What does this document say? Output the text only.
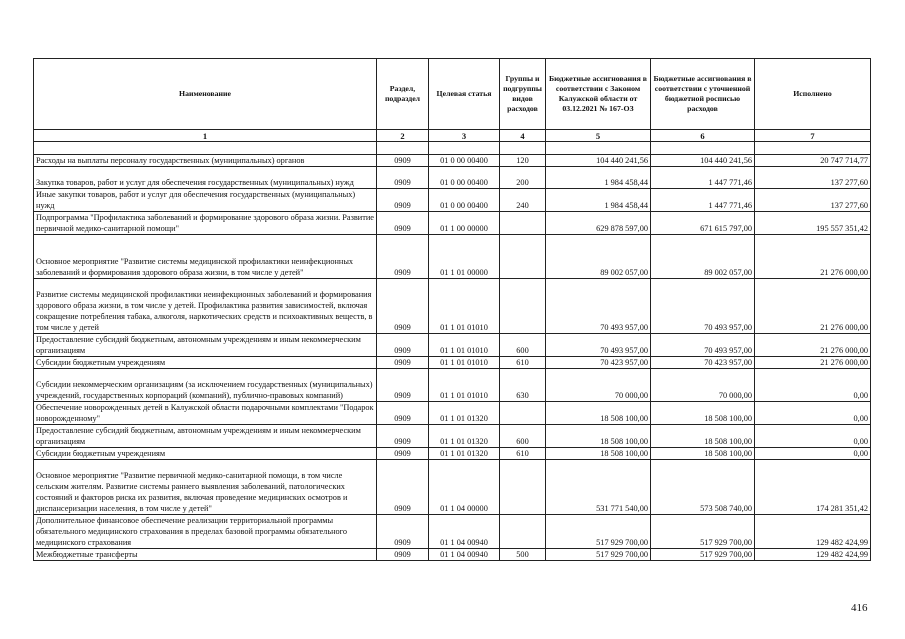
Наименование	Раздел, подраздел	Целевая статья	Группы и подгруппы видов расходов	Бюджетные ассигнования в соответствии с Законом Калужской области от 03.12.2021 № 167-ОЗ	Бюджетные ассигнования в соответствии с уточненной бюджетной росписью расходов	Исполнено
1	2	3	4	5	6	7

Расходы на выплаты персоналу государственных (муниципальных) органов	0909	01 0 00 00400	120	104 440 241,56	104 440 241,56	20 747 714,77
Закупка товаров, работ и услуг для обеспечения государственных (муниципальных) нужд	0909	01 0 00 00400	200	1 984 458,44	1 447 771,46	137 277,60
Иные закупки товаров, работ и услуг для обеспечения государственных (муниципальных) нужд	0909	01 0 00 00400	240	1 984 458,44	1 447 771,46	137 277,60
Подпрограмма "Профилактика заболеваний и формирование здорового образа жизни. Развитие первичной медико-санитарной помощи"	0909	01 1 00 00000		629 878 597,00	671 615 797,00	195 557 351,42
Основное мероприятие "Развитие системы медицинской профилактики неинфекционных заболеваний и формирования здорового образа жизни, в том числе у детей"	0909	01 1 01 00000		89 002 057,00	89 002 057,00	21 276 000,00
Развитие системы медицинской профилактики неинфекционных заболеваний и формирования здорового образа жизни, в том числе у детей. Профилактика развития зависимостей, включая сокращение потребления табака, алкоголя, наркотических средств и психоактивных веществ, в том числе у детей	0909	01 1 01 01010		70 493 957,00	70 493 957,00	21 276 000,00
Предоставление субсидий бюджетным, автономным учреждениям и иным некоммерческим организациям	0909	01 1 01 01010	600	70 493 957,00	70 493 957,00	21 276 000,00
Субсидии бюджетным учреждениям	0909	01 1 01 01010	610	70 423 957,00	70 423 957,00	21 276 000,00
Субсидии некоммерческим организациям (за исключением государственных (муниципальных) учреждений, государственных корпораций (компаний), публично-правовых компаний)	0909	01 1 01 01010	630	70 000,00	70 000,00	0,00
Обеспечение новорожденных детей в Калужской области подарочными комплектами "Подарок новорожденному"	0909	01 1 01 01320		18 508 100,00	18 508 100,00	0,00
Предоставление субсидий бюджетным, автономным учреждениям и иным некоммерческим организациям	0909	01 1 01 01320	600	18 508 100,00	18 508 100,00	0,00
Субсидии бюджетным учреждениям	0909	01 1 01 01320	610	18 508 100,00	18 508 100,00	0,00
Основное мероприятие "Развитие первичной медико-санитарной помощи, в том числе сельским жителям. Развитие системы раннего выявления заболеваний, патологических состояний и факторов риска их развития, включая проведение медицинских осмотров и диспансеризации населения, в том числе у детей"	0909	01 1 04 00000		531 771 540,00	573 508 740,00	174 281 351,42
Дополнительное финансовое обеспечение реализации территориальной программы обязательного медицинского страхования в пределах базовой программы обязательного медицинского страхования	0909	01 1 04 00940		517 929 700,00	517 929 700,00	129 482 424,99
Межбюджетные трансферты	0909	01 1 04 00940	500	517 929 700,00	517 929 700,00	129 482 424,99
416
